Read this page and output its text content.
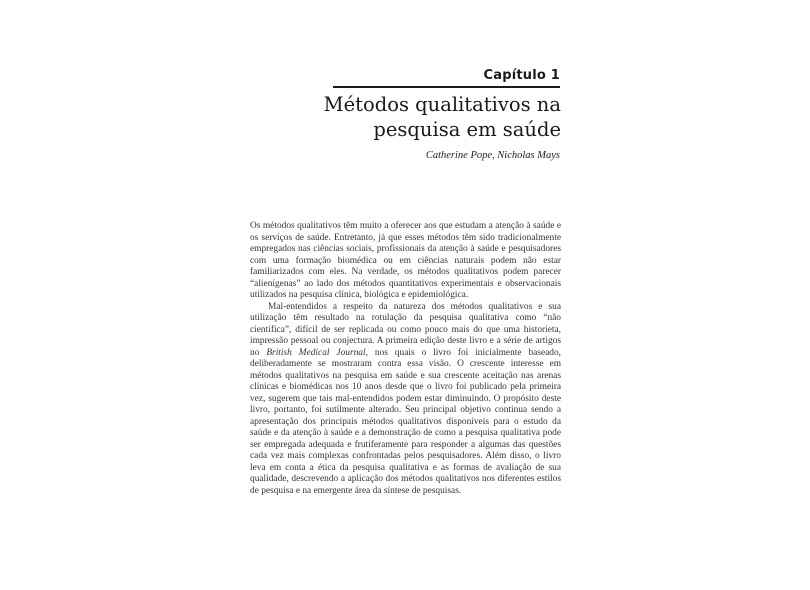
Capítulo 1
Métodos qualitativos na
pesquisa em saúde
Catherine Pope, Nicholas Mays

Os métodos qualitativos têm muito a oferecer aos que estudam a atenção à saúde e os serviços de saúde. Entretanto, já que esses métodos têm sido tradicionalmente empregados nas ciências sociais, profissionais da atenção à saúde e pesquisadores com uma formação biomédica ou em ciências naturais podem não estar familiarizados com eles. Na verdade, os métodos qualitativos podem parecer “alienígenas” ao lado dos métodos quantitativos experimentais e observacionais utilizados na pesquisa clínica, biológica e epidemiológica.

Mal-entendidos a respeito da natureza dos métodos qualitativos e sua utilização têm resultado na rotulação da pesquisa qualitativa como “não científica”, difícil de ser replicada ou como pouco mais do que uma historieta, impressão pessoal ou conjectura. A primeira edição deste livro e a série de artigos no British Medical Journal, nos quais o livro foi inicialmente baseado, deliberadamente se mostraram contra essa visão. O crescente interesse em métodos qualitativos na pesquisa em saúde e sua crescente aceitação nas arenas clínicas e biomédicas nos 10 anos desde que o livro foi publicado pela primeira vez, sugerem que tais mal-entendidos podem estar diminuindo. O propósito deste livro, portanto, foi sutilmente alterado. Seu principal objetivo continua sendo a apresentação dos principais métodos qualitativos disponíveis para o estudo da saúde e da atenção à saúde e a demonstração de como a pesquisa qualitativa pode ser empregada adequada e frutiferamente para responder a algumas das questões cada vez mais complexas confrontadas pelos pesquisadores. Além disso, o livro leva em conta a ética da pesquisa qualitativa e as formas de avaliação de sua qualidade, descrevendo a aplicação dos métodos qualitativos nos diferentes estilos de pesquisa e na emergente área da síntese de pesquisas.
